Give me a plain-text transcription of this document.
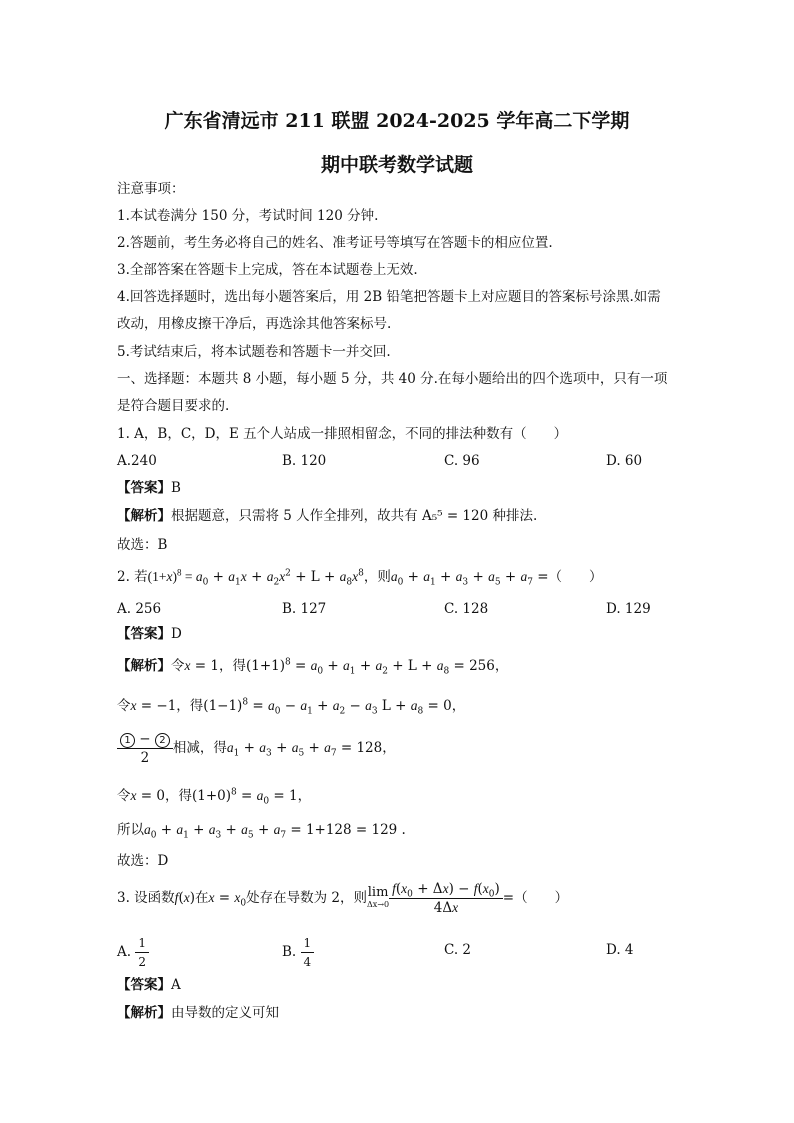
广东省清远市 211 联盟 2024-2025 学年高二下学期
期中联考数学试题
注意事项：
1.本试卷满分 150 分，考试时间 120 分钟.
2.答题前，考生务必将自己的姓名、准考证号等填写在答题卡的相应位置.
3.全部答案在答题卡上完成，答在本试题卷上无效.
4.回答选择题时，选出每小题答案后，用 2B 铅笔把答题卡上对应题目的答案标号涂黑.如需
改动，用橡皮擦干净后，再选涂其他答案标号.
5.考试结束后，将本试题卷和答题卡一并交回.
一、选择题：本题共 8 小题，每小题 5 分，共 40 分.在每小题给出的四个选项中，只有一项
是符合题目要求的.
1. A，B，C，D，E 五个人站成一排照相留念，不同的排法种数有（　　）
A.240	B. 120	C. 96	D. 60
【答案】B
【解析】根据题意，只需将 5 人作全排列，故共有 A₅⁵ = 120 种排法.
故选：B
2. 若$(1+x)^8 = a_0 + a_1x + a_2x^2 + L + a_8x^8$，则$a_0 + a_1 + a_3 + a_5 + a_7$ =（　　）
A. 256	B. 127	C. 128	D. 129
【答案】D
【解析】令x = 1，得$(1+1)^8 = a_0 + a_1 + a_2 + L + a_8 = 256$，
令x = −1，得$(1-1)^8 = a_0 - a_1 + a_2 - a_3$ $L + a_8 = 0$，
$\frac{1 - 2}{2}$ 相减，得$a_1 + a_3 + a_5 + a_7 = 128$，
令x = 0，得$(1+0)^8 = a_0 = 1$，
所以$a_0 + a_1 + a_3 + a_5 + a_7 = 1+128 = 129$ .
故选：D
3. 设函数f(x)在$x = x_0$处存在导数为 2，则 lim
$\Delta x\to 0 \frac{f(x_0 + \Delta x) - f(x_0)}{4\Delta x}$ =（　　）
A. $\frac{1}{2}$	B. $\frac{1}{4}$	C. 2	D. 4
【答案】A
【解析】由导数的定义可知
